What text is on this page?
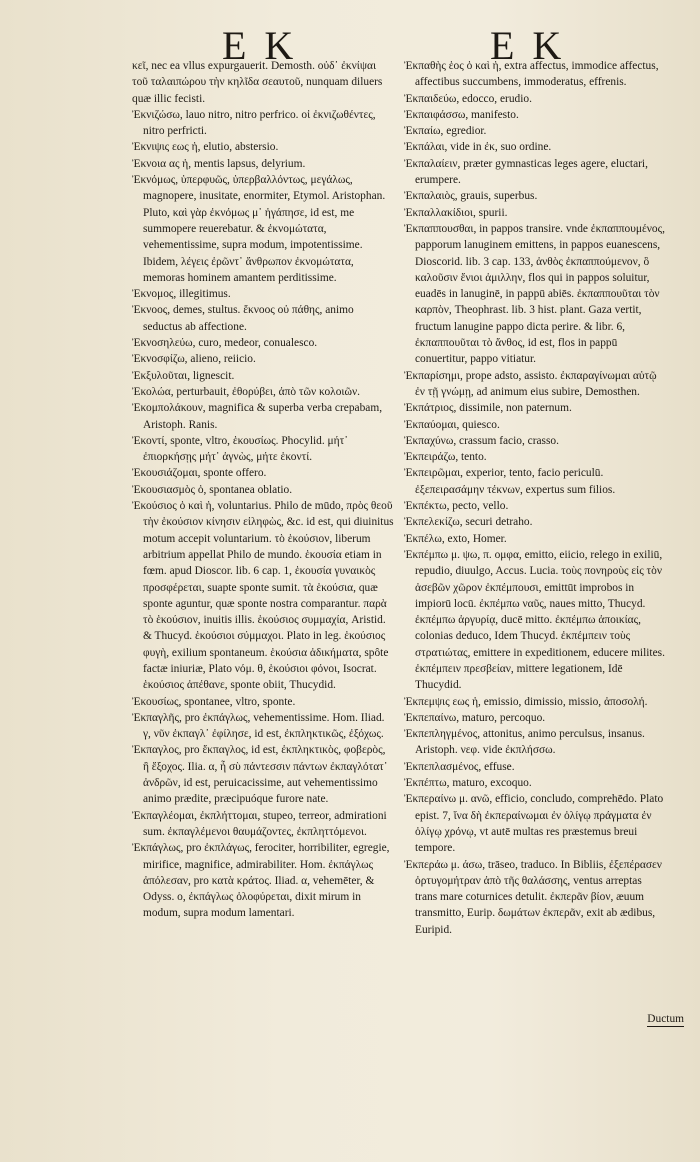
E K	E K

κεῖ, nec ea vllus expurgauerit. Demosth. οὐδ᾽ ἐκνίψαι τοῦ ταλαιπώρου τὴν κηλῖδα σεαυτοῦ, nunquam diluers quæ illic fecisti.

Ἐκνιζώσω, lauo nitro, nitro perfrico. οἱ ἐκνιζωθέντες, nitro perfricti.

Ἐκνιψις εως ἡ, elutio, abstersio.

Ἐκνοια ας ἡ, mentis lapsus, delyrium.

Ἐκνόμως, ὑπερφυῶς, ὑπερβαλλόντως, μεγάλως, magnopere, inusitate, enormiter, Etymol. Aristophan. Pluto, καὶ γὰρ ἐκνόμως μ᾽ ἠγάπησε, id est, me summopere reuerebatur. & ἐκνομώτατα, vehementissime, supra modum, impotentissime. Ibidem, λέγεις ἐρῶντ᾽ ἄνθρωπον ἐκνομώτατα, memoras hominem amantem perditissime.

Ἐκνομος, illegitimus.

Ἐκνοος, demes, stultus. ἔκνοος οὐ πάθης, animo seductus ab affectione.

Ἐκνοσηλεύω, curo, medeor, conualesco.

Ἐκνοσφίζω, alieno, reiicio.

Ἐκξυλοῦται, lignescit.

Ἐκολώα, perturbauit, ἐθορύβει, ἀπὸ τῶν κολοιῶν.

Ἐκομπολάκουν, magnifica & superba verba crepabam, Aristoph. Ranis.

Ἐκοντί, sponte, vltro, ἑκουσίως. Phocylid. μήτ᾽ ἐπιορκήσῃς μήτ᾽ ἀγνὼς, μήτε ἑκοντί.

Ἐκουσιάζομαι, sponte offero.

Ἐκουσιασμὸς ὁ, spontanea oblatio.

Ἐκούσιος ὁ καὶ ἡ, voluntarius. Philo de mūdo, πρὸς θεοῦ τὴν ἑκούσιον κίνησιν εἰληφὼς, &c. id est, qui diuinitus motum accepit voluntarium. τὸ ἑκούσιον, liberum arbitrium appellat Philo de mundo. ἑκουσία etiam in fœm. apud Dioscor. lib. 6 cap. 1, ἑκουσία γυναικὸς προσφέρεται, suapte sponte sumit. τὰ ἑκούσια, quæ sponte aguntur, quæ sponte nostra comparantur. παρὰ τὸ ἑκούσιον, inuitis illis. ἑκούσιος συμμαχία, Aristid. & Thucyd. ἑκούσιοι σύμμαχοι. Plato in leg. ἑκούσιος φυγὴ, exilium spontaneum. ἑκούσια ἀδικήματα, spôte factæ iniuriæ, Plato νόμ. θ, ἑκούσιοι φόνοι, Isocrat. ἑκούσιος ἀπέθανε, sponte obiit, Thucydid.

Ἐκουσίως, spontanee, vltro, sponte.

Ἐκπαγλῆς, pro ἐκπάγλως, vehementissime. Hom. Iliad. γ, νῦν ἐκπαγλ᾽ ἐφίλησε, id est, ἐκπληκτικῶς, ἐξόχως.

Ἐκπαγλος, pro ἔκπαγλος, id est, ἐκπληκτικὸς, φοβερὸς, ἢ ἔξοχος. Ilia. α, ἦ σὺ πάντεσσιν πάντων ἐκπαγλότατ᾽ ἀνδρῶν, id est, peruicacissime, aut vehementissimo animo prædite, præcipuóque furore nate.

Ἐκπαγλέομαι, ἐκπλήττομαι, stupeo, terreor, admirationi sum. ἐκπαγλέμενοι θαυμάζοντες, ἐκπληττόμενοι.

Ἐκπάγλως, pro ἐκπλάγως, ferociter, horribiliter, egregie, mirifice, magnifice, admirabiliter. Hom. ἐκπάγλως ἀπόλεσαν, pro κατὰ κράτος. Iliad. α, vehemēter, & Odyss. ο, ἐκπάγλως ὀλοφύρεται, dixit mirum in modum, supra modum lamentari.

Ἐκπαθὴς ἑος ὁ καὶ ἡ, extra affectus, immodice affectus, affectibus succumbens, immoderatus, effrenis.

Ἐκπαιδεύω, edocco, erudio.

Ἐκπαιφάσσω, manifesto.

Ἐκπαίω, egredior.

Ἐκπάλαι, vide in ἐκ, suo ordine.

Ἐκπαλαίειν, præter gymnasticas leges agere, eluctari, erumpere.

Ἐκπαλαιὸς, grauis, superbus.

Ἐκπαλλακίδιοι, spurii.

Ἐκπαππουσθαι, in pappos transire. vnde ἐκπαππουμένος, papporum lanuginem emittens, in pappos euanescens, Dioscorid. lib. 3 cap. 133, ἀνθὸς ἐκπαππούμενον, ὃ καλοῦσιν ἔνιοι ἀμιλλην, flos qui in pappos soluitur, euadēs in lanuginē, in pappū abiēs. ἐκπαππουῦται τὸν καρπὸν, Theophrast. lib. 3 hist. plant. Gaza vertit, fructum lanugine pappo dicta perire. & libr. 6, ἐκπαππουῦται τὸ ἄνθος, id est, flos in pappū conuertitur, pappo vitiatur.

Ἐκπαρίσημι, prope adsto, assisto. ἐκπαραγίνωμαι αὐτῷ ἐν τῇ γνώμῃ, ad animum eius subire, Demosthen.

Ἐκπάτριος, dissimile, non paternum.

Ἐκπαύομαι, quiesco.

Ἐκπαχύνω, crassum facio, crasso.

Ἐκπειράζω, tento.

Ἐκπειρῶμαι, experior, tento, facio periculū. ἐξεπειρασάμην τέκνων, expertus sum filios.

Ἐκπέκτω, pecto, vello.

Ἐκπελεκίζω, securi detraho.

Ἐκπέλω, exto, Homer.

Ἐκπέμπω μ. ψω, π. ομφα, emitto, eiicio, relego in exiliū, repudio, diuulgo, Accus. Lucia. τοὺς πονηροὺς εἰς τὸν ἀσεβῶν χῶρον ἐκπέμπουσι, emittūt improbos in impiorū locū. ἐκπέμπω ναῦς, naues mitto, Thucyd. ἐκπέμπω ἀργυρίᾳ, ducē mitto. ἐκπέμπω ἀποικίας, colonias deduco, Idem Thucyd. ἐκπέμπειν τοὺς στρατιώτας, emittere in expeditionem, educere milites. ἐκπέμπειν πρεσβείαν, mittere legationem, Idē Thucydid.

Ἐκπεμψις εως ἡ, emissio, dimissio, missio, ἀποσολή.

Ἐκπεπαίνω, maturo, percoquo.

Ἐκπεπληγμένος, attonitus, animo perculsus, insanus. Aristoph. νεφ. vide ἐκπλήσσω.

Ἐκπεπλασμένος, effuse.

Ἐκπέπτω, maturo, excoquo.

Ἐκπεραίνω μ. ανῶ, efficio, concludo, comprehēdo. Plato epist. 7, ἵνα δὴ ἐκπεραίνωμαι ἐν ὀλίγῳ πράγματα ἐν ὀλίγῳ χρόνῳ, vt autē multas res præstemus breui tempore.

Ἐκπεράω μ. άσω, trāseo, traduco. In Bibliis, ἐξεπέρασεν ὀρτυγομήτραν ἀπὸ τῆς θαλάσσης, ventus arreptas trans mare coturnices detulit. ἐκπερᾶν βίον, æuum transmitto, Eurip. δωμάτων ἐκπερᾶν, exit ab ædibus, Euripid.

Ductum
